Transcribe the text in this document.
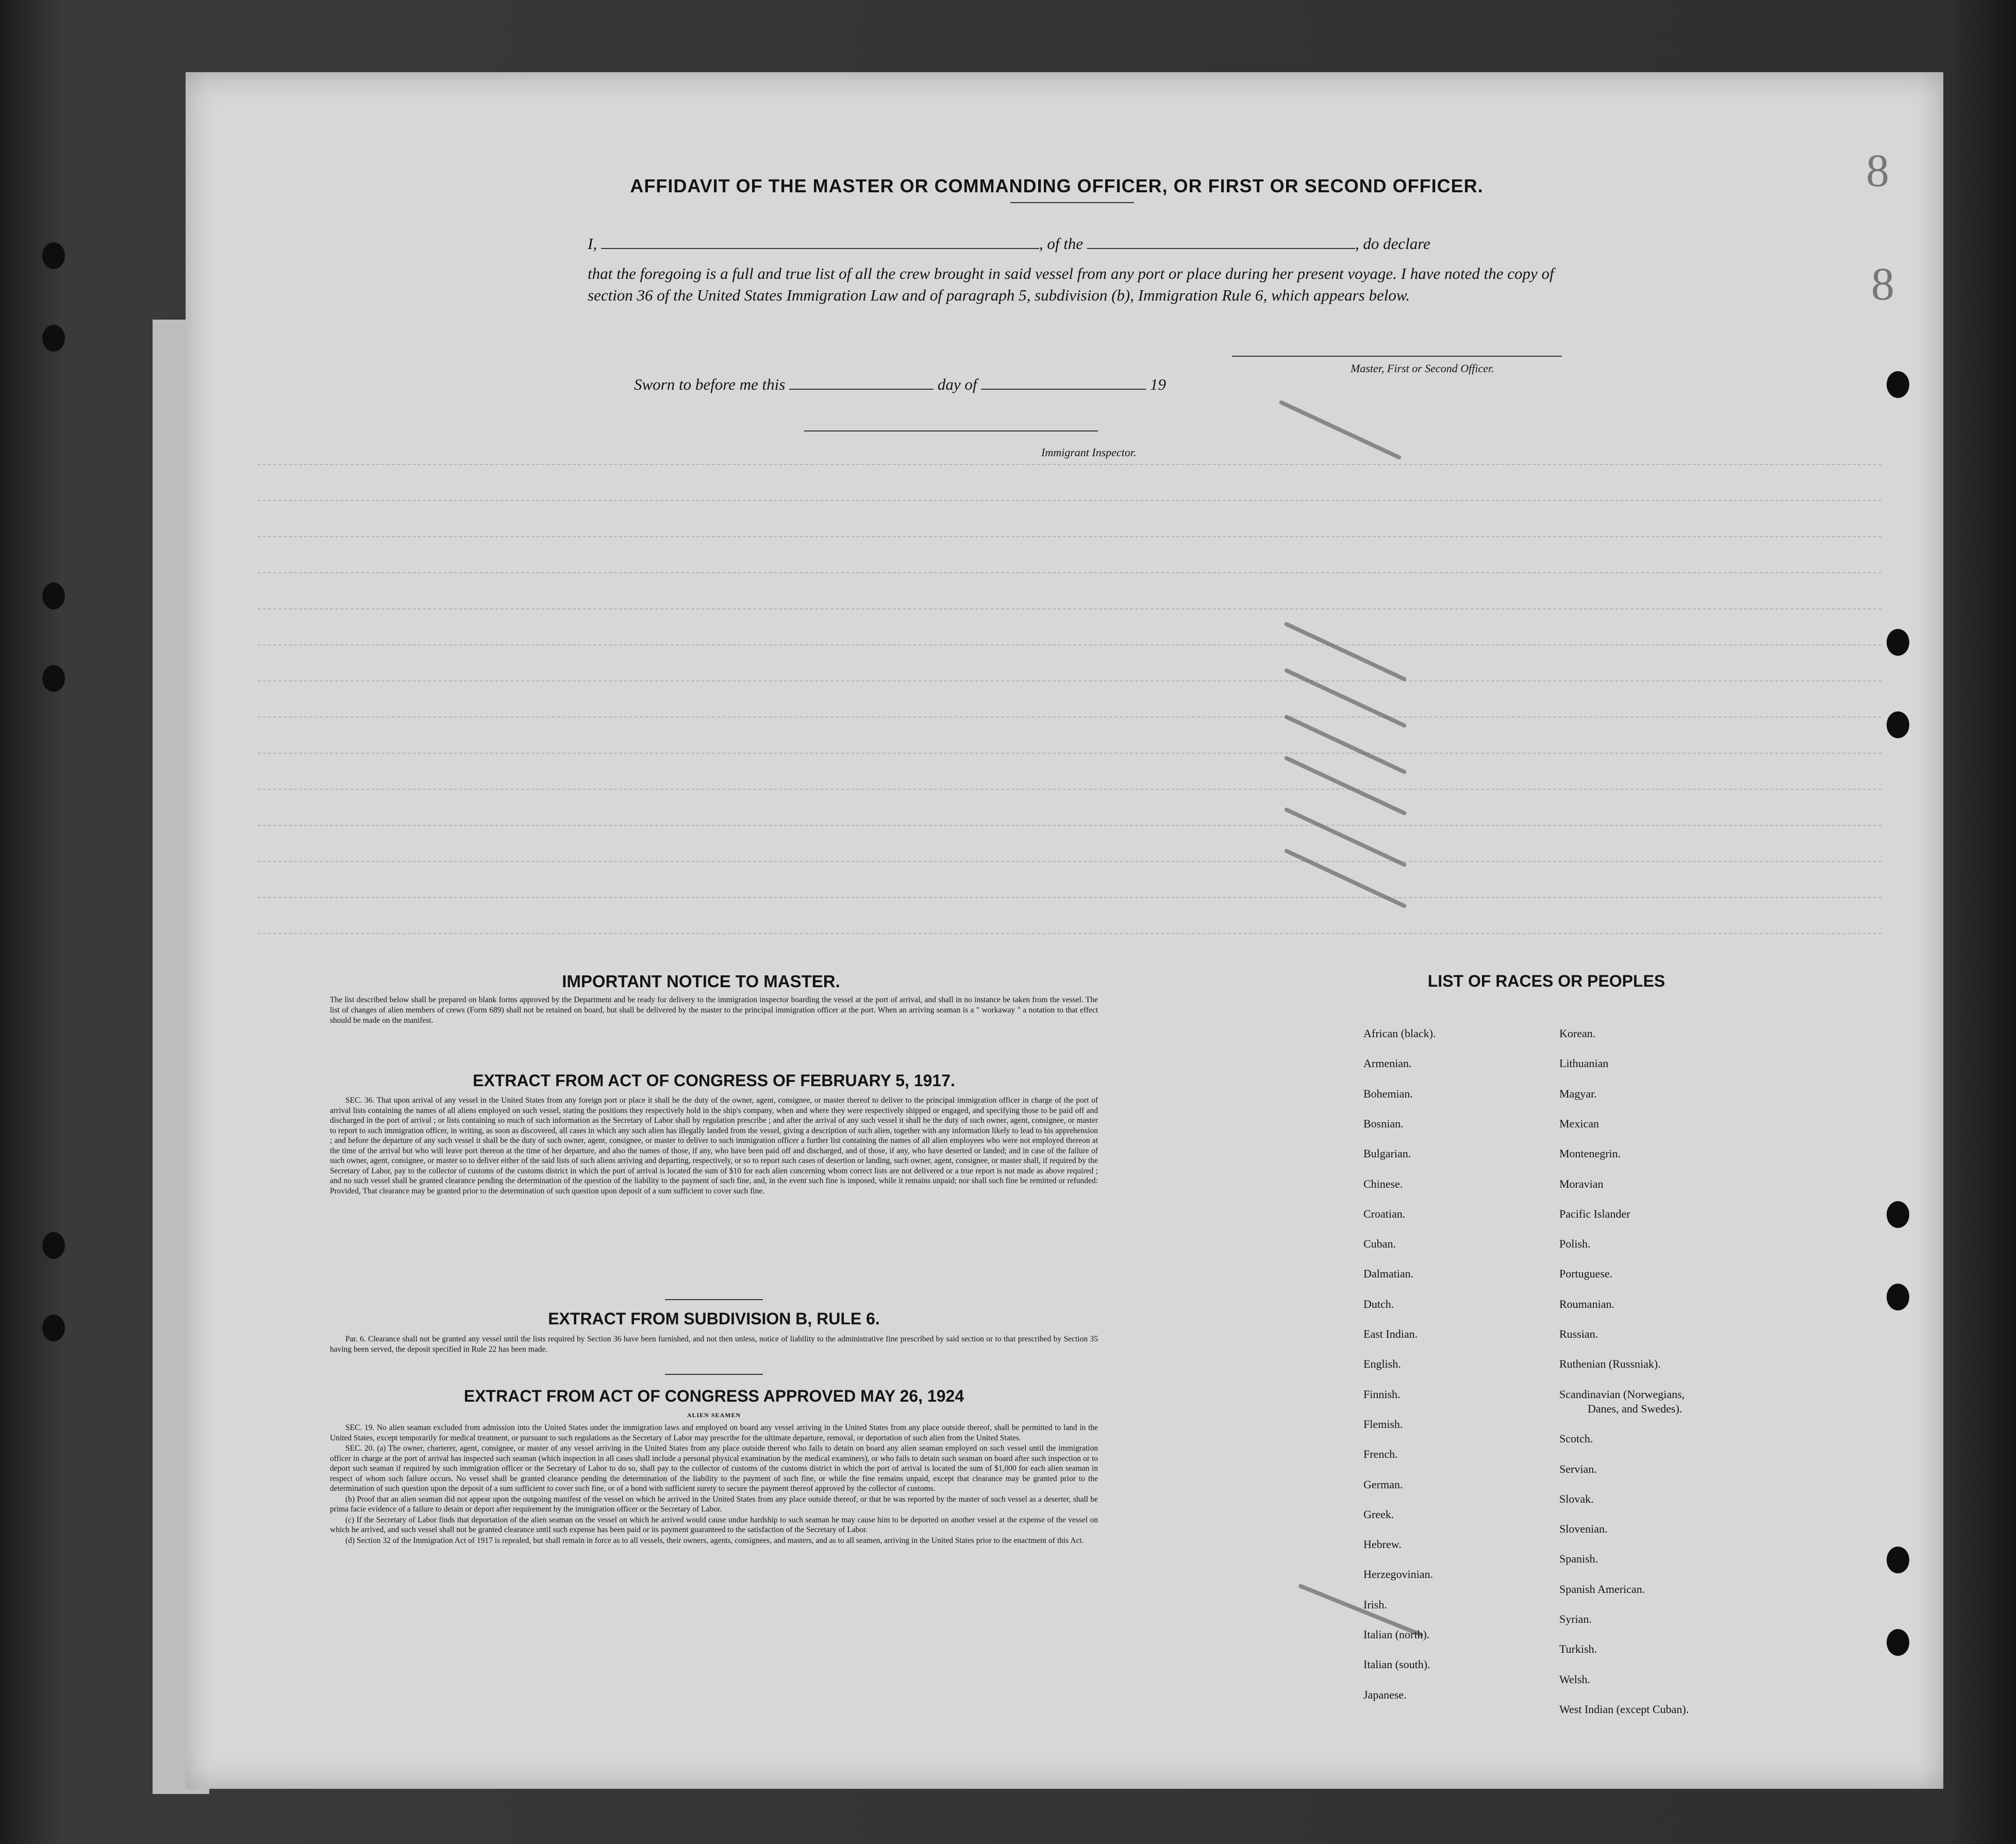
8
8
AFFIDAVIT OF THE MASTER OR COMMANDING OFFICER, OR FIRST OR SECOND OFFICER.
I,	, of the	, do declare
that the foregoing is a full and true list of all the crew brought in said vessel from any port or place during her present voyage. I have noted the copy of section 36 of the United States Immigration Law and of paragraph 5, subdivision (b), Immigration Rule 6, which appears below.
Master, First or Second Officer.
Sworn to before me this	day of	19
Immigrant Inspector.
IMPORTANT NOTICE TO MASTER.
The list described below shall be prepared on blank forms approved by the Department and be ready for delivery to the immigration inspector boarding the vessel at the port of arrival, and shall in no instance be taken from the vessel. The list of changes of alien members of crews (Form 689) shall not be retained on board, but shall be delivered by the master to the principal immigration officer at the port. When an arriving seaman is a " workaway " a notation to that effect should be made on the manifest.
EXTRACT FROM ACT OF CONGRESS OF FEBRUARY 5, 1917.

SEC. 36. That upon arrival of any vessel in the United States from any foreign port or place it shall be the duty of the owner, agent, consignee, or master thereof to deliver to the principal immigration officer in charge of the port of arrival lists containing the names of all aliens employed on such vessel, stating the positions they respectively hold in the ship's company, when and where they were respectively shipped or engaged, and specifying those to be paid off and discharged in the port of arrival ; or lists containing so much of such information as the Secretary of Labor shall by regulation prescribe ; and after the arrival of any such vessel it shall be the duty of such owner, agent, consignee, or master to report to such immigration officer, in writing, as soon as discovered, all cases in which any such alien has illegally landed from the vessel, giving a description of such alien, together with any information likely to lead to his apprehension ; and before the departure of any such vessel it shall be the duty of such owner, agent, consignee, or master to deliver to such immigration officer a further list containing the names of all alien employees who were not employed thereon at the time of the arrival but who will leave port thereon at the time of her departure, and also the names of those, if any, who have been paid off and discharged, and of those, if any, who have deserted or landed; and in case of the failure of such owner, agent, consignee, or master so to deliver either of the said lists of such aliens arriving and departing, respectively, or so to report such cases of desertion or landing, such owner, agent, consignee, or master shall, if required by the Secretary of Labor, pay to the collector of customs of the customs district in which the port of arrival is located the sum of $10 for each alien concerning whom correct lists are not delivered or a true report is not made as above required ; and no such vessel shall be granted clearance pending the determination of the question of the liability to the payment of such fine, and, in the event such fine is imposed, while it remains unpaid; nor shall such fine be remitted or refunded: Provided, That clearance may be granted prior to the determination of such question upon deposit of a sum sufficient to cover such fine.

EXTRACT FROM SUBDIVISION B, RULE 6.

Par. 6. Clearance shall not be granted any vessel until the lists required by Section 36 have been furnished, and not then unless, notice of liability to the administrative fine prescribed by said section or to that prescribed by Section 35 having been served, the deposit specified in Rule 22 has been made.

EXTRACT FROM ACT OF CONGRESS APPROVED MAY 26, 1924
ALIEN SEAMEN

SEC. 19. No alien seaman excluded from admission into the United States under the immigration laws and employed on board any vessel arriving in the United States from any place outside thereof, shall be permitted to land in the United States, except temporarily for medical treatment, or pursuant to such regulations as the Secretary of Labor may prescribe for the ultimate departure, removal, or deportation of such alien from the United States.

SEC. 20. (a) The owner, charterer, agent, consignee, or master of any vessel arriving in the United States from any place outside thereof who fails to detain on board any alien seaman employed on such vessel until the immigration officer in charge at the port of arrival has inspected such seaman (which inspection in all cases shall include a personal physical examination by the medical examiners), or who fails to detain such seaman on board after such inspection or to deport such seaman if required by such immigration officer or the Secretary of Labor to do so, shall pay to the collector of customs of the customs district in which the port of arrival is located the sum of $1,000 for each alien seaman in respect of whom such failure occurs. No vessel shall be granted clearance pending the determination of the liability to the payment of such fine, or while the fine remains unpaid, except that clearance may be granted prior to the determination of such question upon the deposit of a sum sufficient to cover such fine, or of a bond with sufficient surety to secure the payment thereof approved by the collector of customs.

(b) Proof that an alien seaman did not appear upon the outgoing manifest of the vessel on which he arrived in the United States from any place outside thereof, or that he was reported by the master of such vessel as a deserter, shall be prima facie evidence of a failure to detain or deport after requirement by the immigration officer or the Secretary of Labor.

(c) If the Secretary of Labor finds that deportation of the alien seaman on the vessel on which he arrived would cause undue hardship to such seaman he may cause him to be deported on another vessel at the expense of the vessel on which he arrived, and such vessel shall not be granted clearance until such expense has been paid or its payment guaranteed to the satisfaction of the Secretary of Labor.

(d) Section 32 of the Immigration Act of 1917 is repealed, but shall remain in force as to all vessels, their owners, agents, consignees, and masters, and as to all seamen, arriving in the United States prior to the enactment of this Act.

LIST OF RACES OR PEOPLES
African (black).
Armenian.
Bohemian.
Bosnian.
Bulgarian.
Chinese.
Croatian.
Cuban.
Dalmatian.
Dutch.
East Indian.
English.
Finnish.
Flemish.
French.
German.
Greek.
Hebrew.
Herzegovinian.
Irish.
Italian (north).
Italian (south).
Japanese.
Korean.
Lithuanian
Magyar.
Mexican
Montenegrin.
Moravian
Pacific Islander
Polish.
Portuguese.
Roumanian.
Russian.
Ruthenian (Russniak).
Scandinavian (Norwegians,
Danes, and Swedes).
Scotch.
Servian.
Slovak.
Slovenian.
Spanish.
Spanish American.
Syrian.
Turkish.
Welsh.
West Indian (except Cuban).
